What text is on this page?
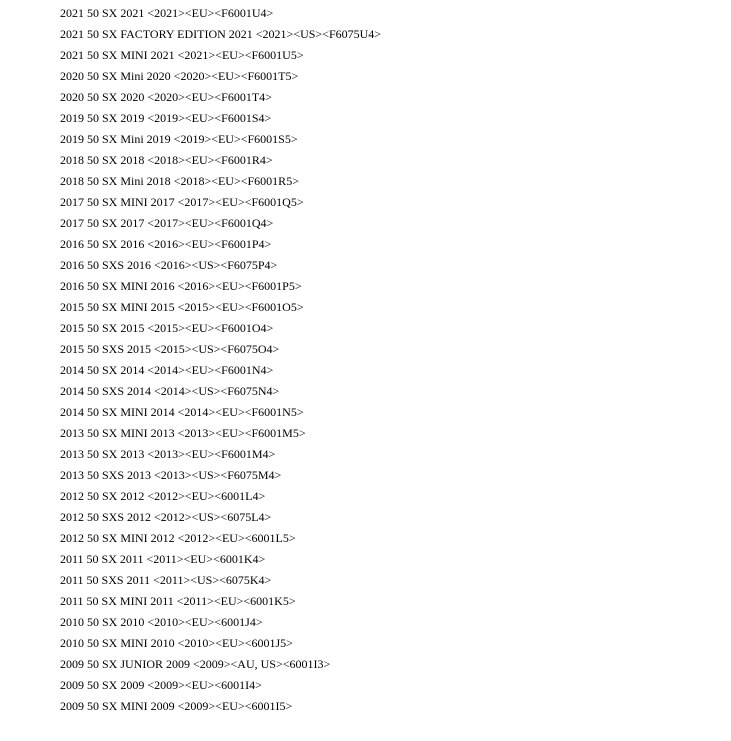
2021 50 SX 2021 <2021><EU><F6001U4>
2021 50 SX FACTORY EDITION 2021 <2021><US><F6075U4>
2021 50 SX MINI 2021 <2021><EU><F6001U5>
2020 50 SX Mini 2020 <2020><EU><F6001T5>
2020 50 SX 2020 <2020><EU><F6001T4>
2019 50 SX 2019 <2019><EU><F6001S4>
2019 50 SX Mini 2019 <2019><EU><F6001S5>
2018 50 SX 2018 <2018><EU><F6001R4>
2018 50 SX Mini 2018 <2018><EU><F6001R5>
2017 50 SX MINI 2017 <2017><EU><F6001Q5>
2017 50 SX 2017 <2017><EU><F6001Q4>
2016 50 SX 2016 <2016><EU><F6001P4>
2016 50 SXS 2016 <2016><US><F6075P4>
2016 50 SX MINI 2016 <2016><EU><F6001P5>
2015 50 SX MINI 2015 <2015><EU><F6001O5>
2015 50 SX 2015 <2015><EU><F6001O4>
2015 50 SXS 2015 <2015><US><F6075O4>
2014 50 SX 2014 <2014><EU><F6001N4>
2014 50 SXS 2014 <2014><US><F6075N4>
2014 50 SX MINI 2014 <2014><EU><F6001N5>
2013 50 SX MINI 2013 <2013><EU><F6001M5>
2013 50 SX 2013 <2013><EU><F6001M4>
2013 50 SXS 2013 <2013><US><F6075M4>
2012 50 SX 2012 <2012><EU><6001L4>
2012 50 SXS 2012 <2012><US><6075L4>
2012 50 SX MINI 2012 <2012><EU><6001L5>
2011 50 SX 2011 <2011><EU><6001K4>
2011 50 SXS 2011 <2011><US><6075K4>
2011 50 SX MINI 2011 <2011><EU><6001K5>
2010 50 SX 2010 <2010><EU><6001J4>
2010 50 SX MINI 2010 <2010><EU><6001J5>
2009 50 SX JUNIOR 2009 <2009><AU, US><6001I3>
2009 50 SX 2009 <2009><EU><6001I4>
2009 50 SX MINI 2009 <2009><EU><6001I5>
